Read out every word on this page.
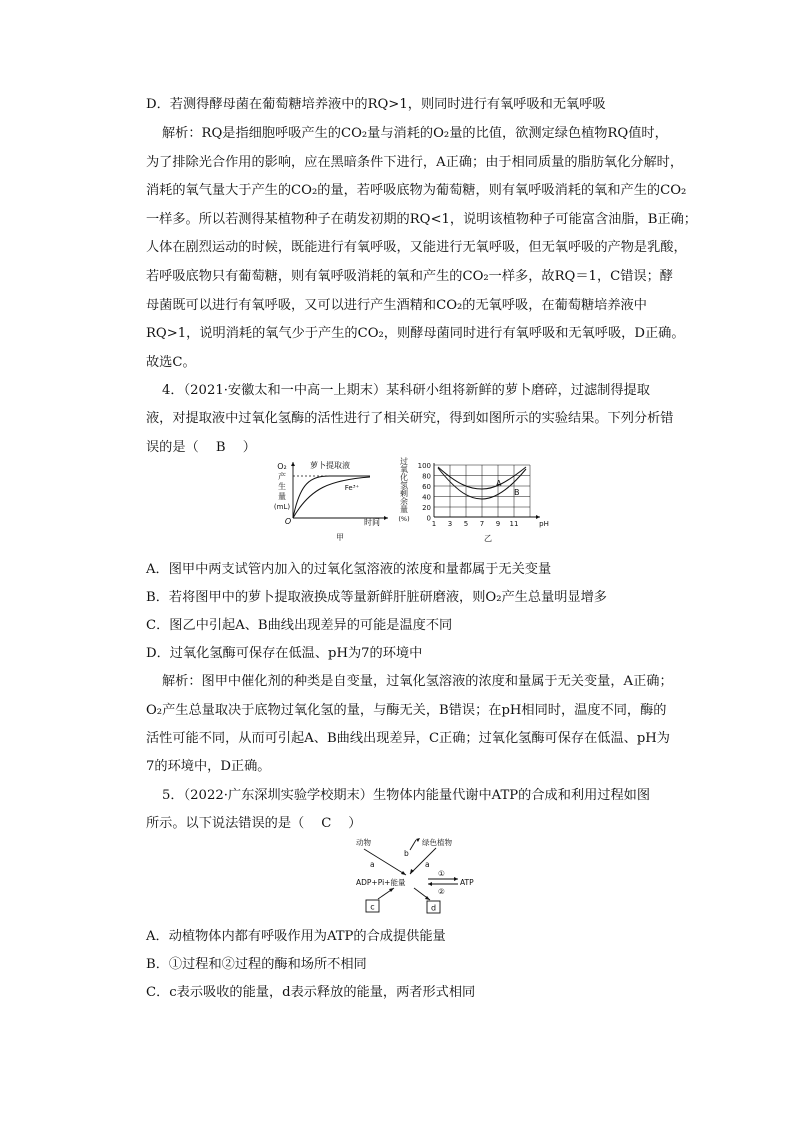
D．若测得酵母菌在葡萄糖培养液中的RQ>1，则同时进行有氧呼吸和无氧呼吸
解析：RQ是指细胞呼吸产生的CO₂量与消耗的O₂量的比值，欲测定绿色植物RQ值时，
为了排除光合作用的影响，应在黑暗条件下进行，A正确；由于相同质量的脂肪氧化分解时，
消耗的氧气量大于产生的CO₂的量，若呼吸底物为葡萄糖，则有氧呼吸消耗的氧和产生的CO₂
一样多。所以若测得某植物种子在萌发初期的RQ<1，说明该植物种子可能富含油脂，B正确；
人体在剧烈运动的时候，既能进行有氧呼吸，又能进行无氧呼吸，但无氧呼吸的产物是乳酸，
若呼吸底物只有葡萄糖，则有氧呼吸消耗的氧和产生的CO₂一样多，故RQ＝1，C错误；酵
母菌既可以进行有氧呼吸，又可以进行产生酒精和CO₂的无氧呼吸，在葡萄糖培养液中
RQ>1，说明消耗的氧气少于产生的CO₂，则酵母菌同时进行有氧呼吸和无氧呼吸，D正确。
故选C。
4．（2021·安徽太和一中高一上期末）某科研小组将新鲜的萝卜磨碎，过滤制得提取
液，对提取液中过氧化氢酶的活性进行了相关研究，得到如图所示的实验结果。下列分析错
误的是（ B ）
O₂
产
生
量
(mL)
O	时间
萝卜提取液
Fe³⁺
甲
过
氧
化
氢
剩
余
量
(%)
100
80
60
40
20
0
A
B
1 3 5 7 9 11	pH
乙
A．图甲中两支试管内加入的过氧化氢溶液的浓度和量都属于无关变量
B．若将图甲中的萝卜提取液换成等量新鲜肝脏研磨液，则O₂产生总量明显增多
C．图乙中引起A、B曲线出现差异的可能是温度不同
D．过氧化氢酶可保存在低温、pH为7的环境中
解析：图甲中催化剂的种类是自变量，过氧化氢溶液的浓度和量属于无关变量，A正确；
O₂产生总量取决于底物过氧化氢的量，与酶无关，B错误；在pH相同时，温度不同，酶的
活性可能不同，从而可引起A、B曲线出现差异，C正确；过氧化氢酶可保存在低温、pH为
7的环境中，D正确。
5．（2022·广东深圳实验学校期末）生物体内能量代谢中ATP的合成和利用过程如图
所示。以下说法错误的是（ C ）
动物	绿色植物
a
b
a
ADP+Pi+能量	ATP
①
②
c	d
A．动植物体内都有呼吸作用为ATP的合成提供能量
B．①过程和②过程的酶和场所不相同
C．c表示吸收的能量，d表示释放的能量，两者形式相同
